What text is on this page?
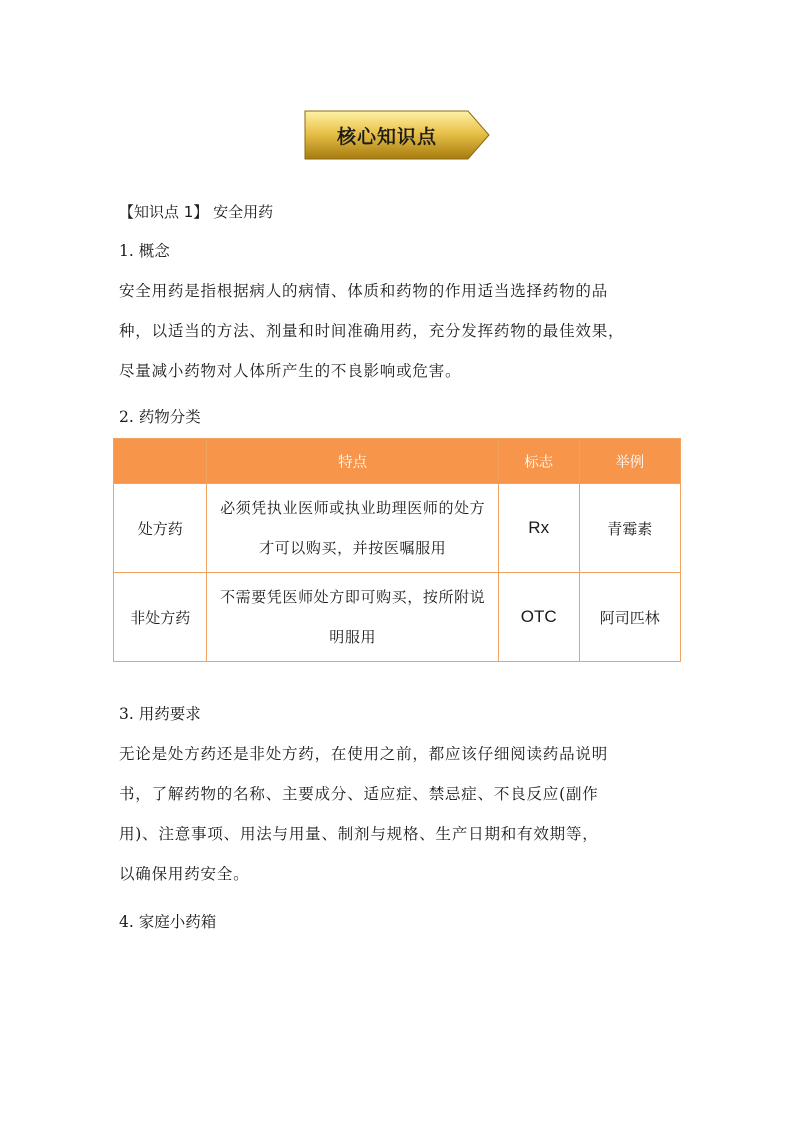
核心知识点
【知识点 1】 安全用药
1. 概念
安全用药是指根据病人的病情、体质和药物的作用适当选择药物的品
种，以适当的方法、剂量和时间准确用药，充分发挥药物的最佳效果，
尽量减小药物对人体所产生的不良影响或危害。
2. 药物分类
	特点	标志	举例
处方药	必须凭执业医师或执业助理医师的处方才可以购买，并按医嘱服用	Rx	青霉素
非处方药	不需要凭医师处方即可购买，按所附说明服用	OTC	阿司匹林
3. 用药要求
无论是处方药还是非处方药，在使用之前，都应该仔细阅读药品说明
书，了解药物的名称、主要成分、适应症、禁忌症、不良反应(副作
用)、注意事项、用法与用量、制剂与规格、生产日期和有效期等，
以确保用药安全。
4. 家庭小药箱
